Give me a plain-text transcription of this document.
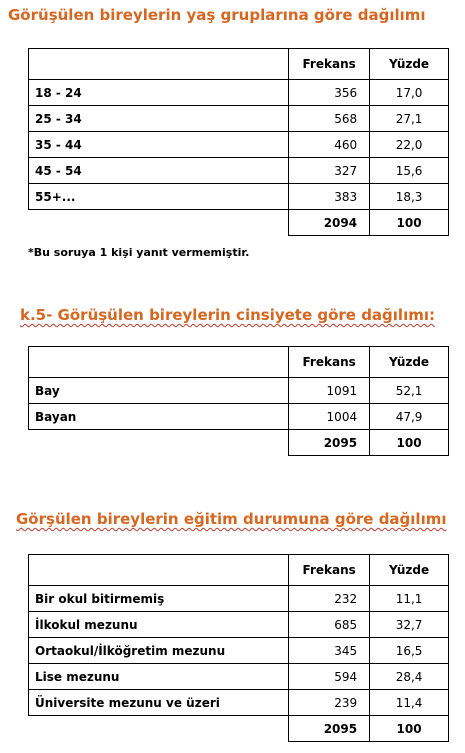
Görüşülen bireylerin yaş gruplarına göre dağılımı
	Frekans	Yüzde
18 - 24	356	17,0
25 - 34	568	27,1
35 - 44	460	22,0
45 - 54	327	15,6
55+...	383	18,3
	2094	100
*Bu soruya 1 kişi yanıt vermemiştir.
k.5- Görüşülen bireylerin cinsiyete göre dağılımı:
	Frekans	Yüzde
Bay	1091	52,1
Bayan	1004	47,9
	2095	100
Görşülen bireylerin eğitim durumuna göre dağılımı
	Frekans	Yüzde
Bir okul bitirmemiş	232	11,1
İlkokul mezunu	685	32,7
Ortaokul/İlköğretim mezunu	345	16,5
Lise mezunu	594	28,4
Üniversite mezunu ve üzeri	239	11,4
	2095	100
